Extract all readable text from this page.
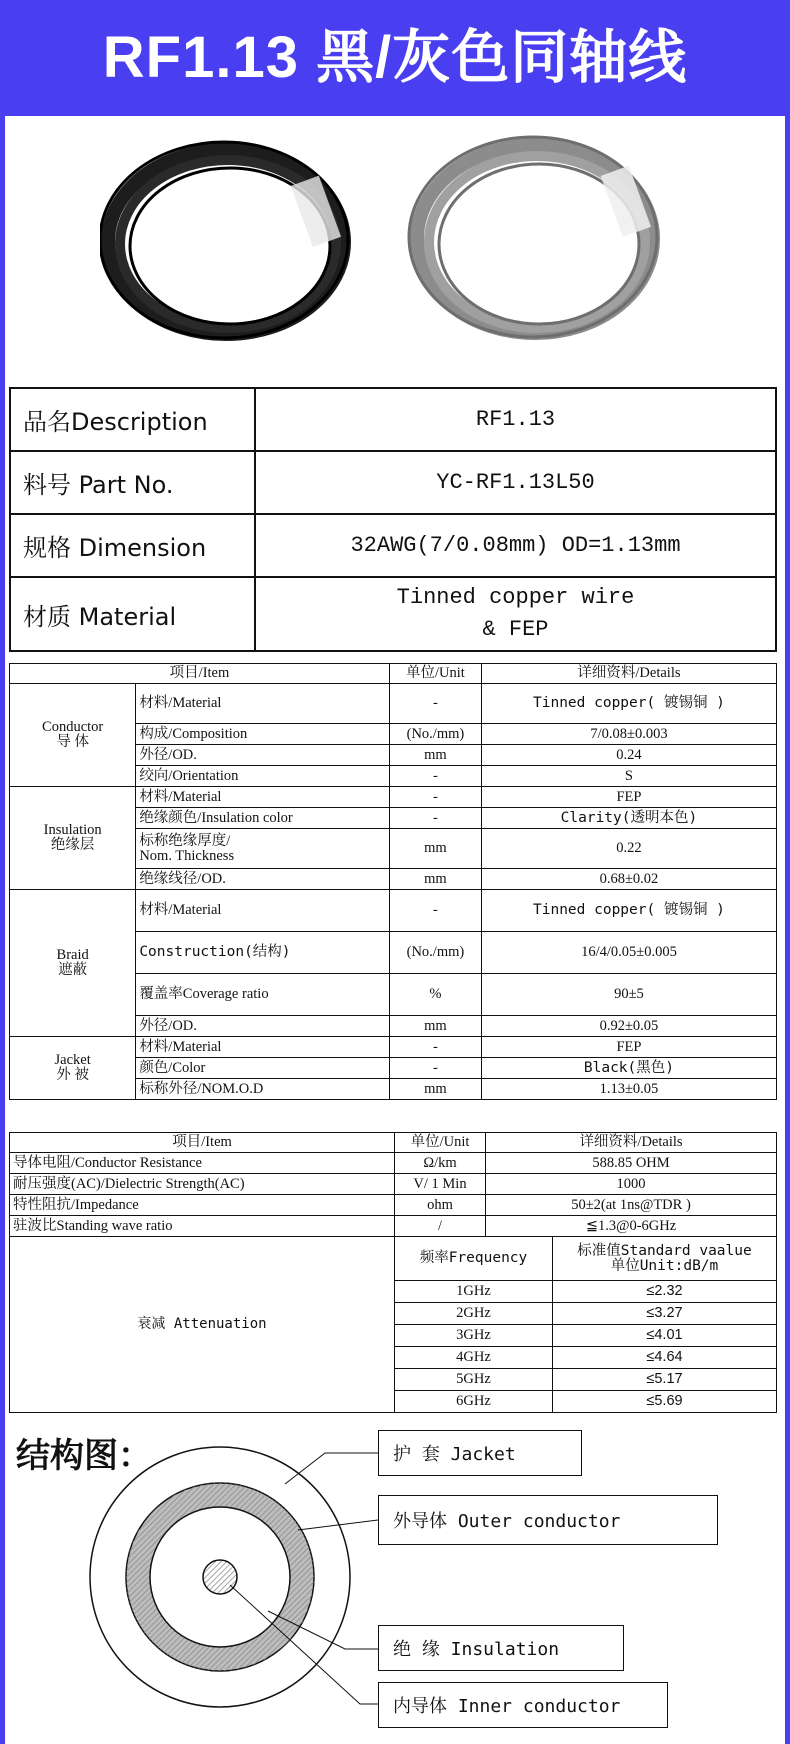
RF1.13 黑/灰色同轴线
品名Description	RF1.13
料号 Part No.	YC-RF1.13L50
规格 Dimension	32AWG(7/0.08mm) OD=1.13mm
材质 Material	Tinned copper wire
& FEP
项目/Item		单位/Unit	详细资料/Details

Conductor
导 体	材料/Material	-	Tinned copper( 镀锡铜 )
	构成/Composition	(No./mm)	7/0.08±0.003
	外径/OD.	mm	0.24
	绞向/Orientation	-	S

Insulation
绝缘层	材料/Material	-	FEP
	绝缘颜色/Insulation color	-	Clarity(透明本色)

	标称绝缘厚度/
Nom. Thickness	mm	0.22
	绝缘线径/OD.	mm	0.68±0.02

Braid
遮蔽	材料/Material	-	Tinned copper( 镀锡铜 )
	Construction(结构)	(No./mm)	16/4/0.05±0.005
	覆盖率Coverage ratio	%	90±5
	外径/OD.	mm	0.92±0.05

Jacket
外 被	材料/Material	-	FEP
	颜色/Color	-	Black(黑色)
	标称外径/NOM.O.D	mm	1.13±0.05
项目/Item	单位/Unit	详细资料/Details	
导体电阻/Conductor Resistance	Ω/km	588.85 OHM	
耐压强度(AC)/Dielectric Strength(AC)	V/ 1 Min	1000	
特性阻抗/Impedance	ohm	50±2(at 1ns@TDR )	
驻波比Standing wave ratio	/	≦1.3@0-6GHz	
衰减 Attenuation	频率Frequency		标准值Standard vaalue
单位Unit:dB/m

	1GHz		≤2.32
	2GHz		≤3.27
	3GHz		≤4.01
	4GHz		≤4.64
	5GHz		≤5.17
	6GHz		≤5.69
结构图：	护 套 Jacket
外导体 Outer conductor
绝 缘 Insulation
内导体 Inner conductor
